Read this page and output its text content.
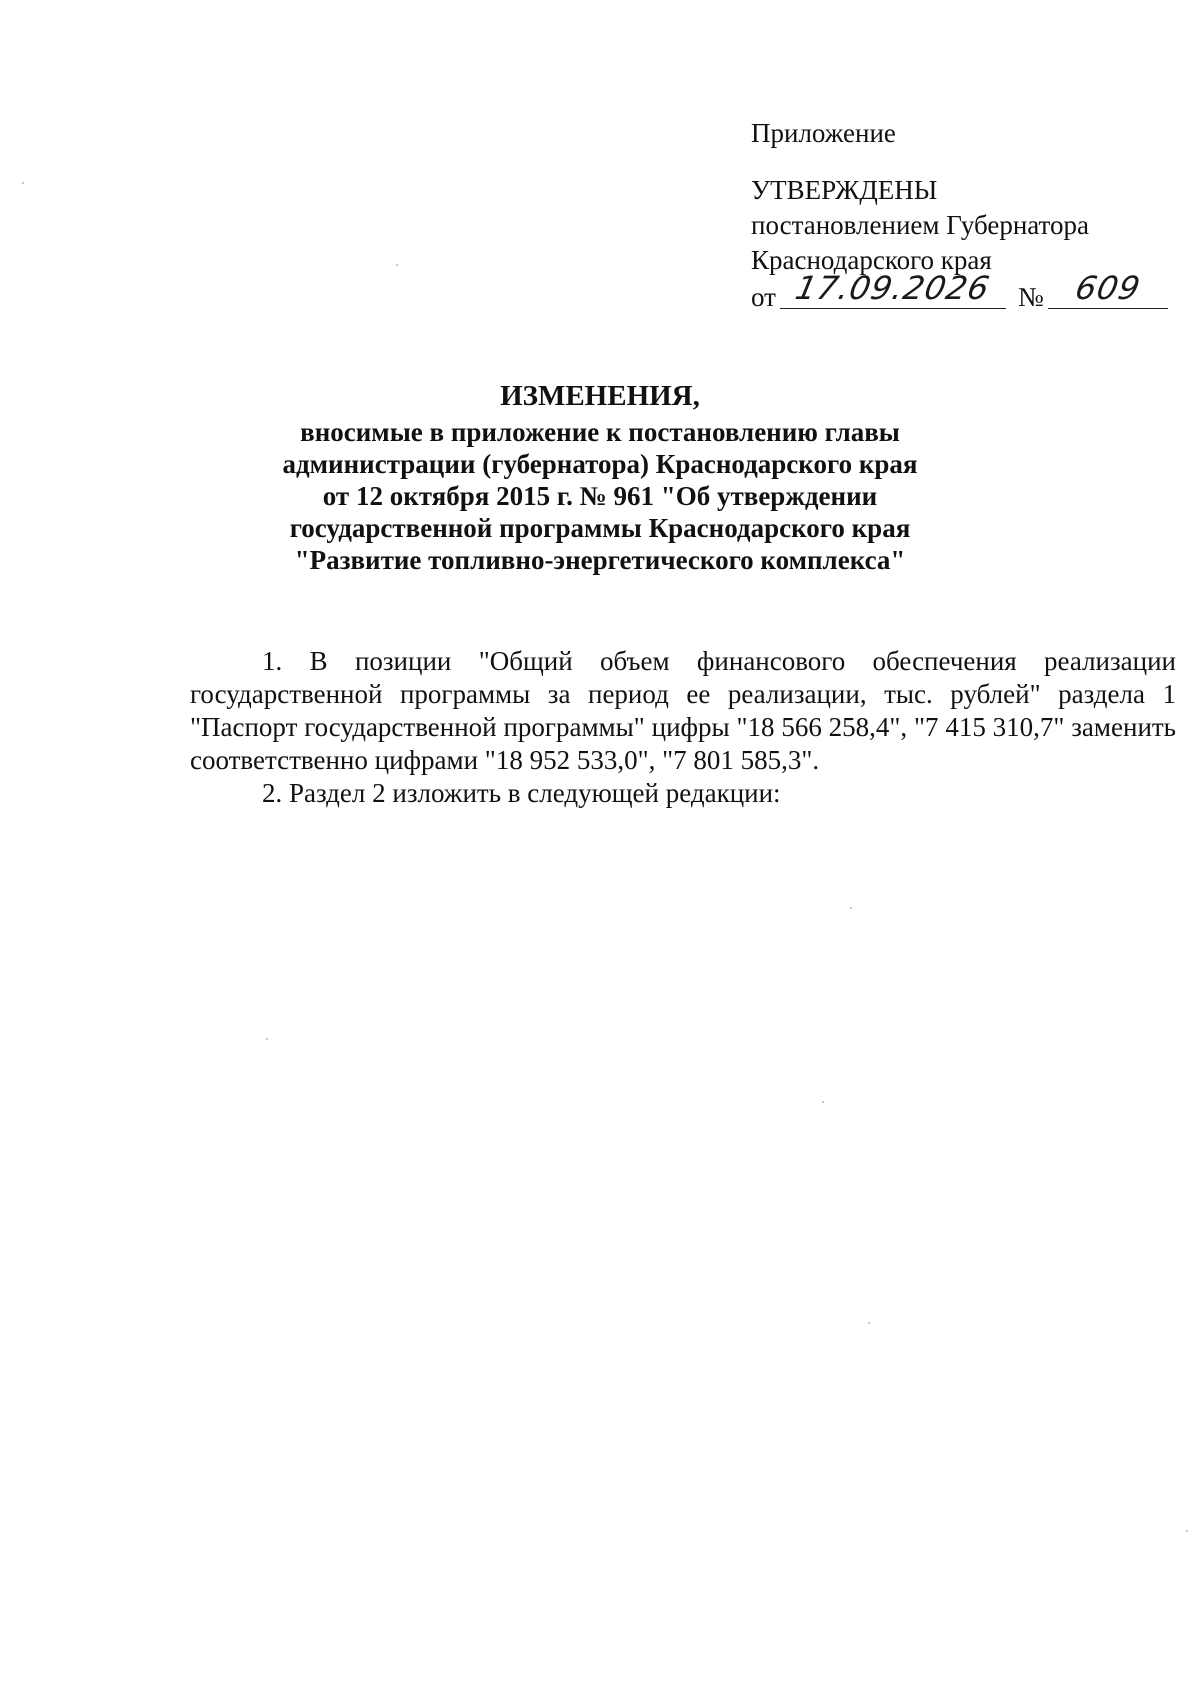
Приложение
УТВЕРЖДЕНЫ
постановлением Губернатора
Краснодарского края
от 17.09.2026 № 609
ИЗМЕНЕНИЯ,
вносимые в приложение к постановлению главы
администрации (губернатора) Краснодарского края
от 12 октября 2015 г. № 961 "Об утверждении
государственной программы Краснодарского края
"Развитие топливно-энергетического комплекса"

1. В позиции "Общий объем финансового обеспечения реализации государственной программы за период ее реализации, тыс. рублей" раздела 1 "Паспорт государственной программы" цифры "18 566 258,4", "7 415 310,7" заменить соответственно цифрами "18 952 533,0", "7 801 585,3".

2. Раздел 2 изложить в следующей редакции:
